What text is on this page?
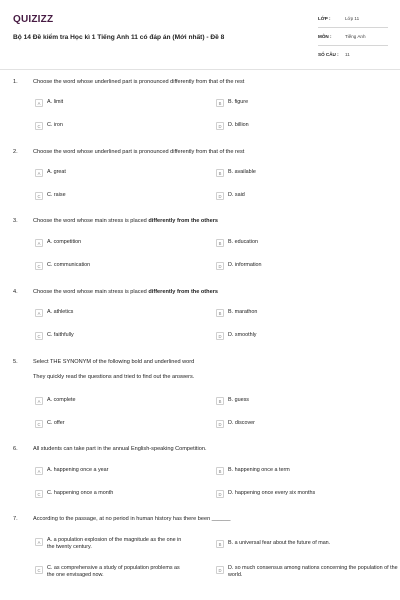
QUIZIZZ
Bộ 14 Đề kiểm tra Học kì 1 Tiếng Anh 11 có đáp án (Mới nhất) - Đề 8
LỚP :	Lớp 11
MÔN :	Tiếng Anh
SỐ CÂU :	11
1.	Choose the word whose underlined part is pronounced differently from that of the rest
A	A. limit	B	B. figure
C	C. iron	D	D. billion
2.	Choose the word whose underlined part is pronounced differently from that of the rest
A	A. great	B	B. available
C	C. raise	D	D. said
3.	Choose the word whose main stress is placed differently from the others
A	A. competition	B	B. education
C	C. communication	D	D. information
4.	Choose the word whose main stress is placed differently from the others
A	A. athletics	B	B. marathon
C	C. faithfully	D	D. smoothly
5.	Select THE SYNONYM of the following bold and underlined word
They quickly read the questions and tried to find out the answers.
A	A. complete	B	B. guess
C	C. offer	D	D. discover
6.	All students can take part in the annual English-speaking Competition.
A	A. happening once a year	B	B. happening once a term
C	C. happening once a month	D	D. happening once every six months
7.	According to the passage, at no period in human history has there been ______
A	A. a population explosion of the magnitude as the one in the twenty century.	B	B. a universal fear about the future of man.
C	C. as comprehensive a study of population problems as the one envisaged now.
D	D. so much consensus among nations concerning the population of the world.
